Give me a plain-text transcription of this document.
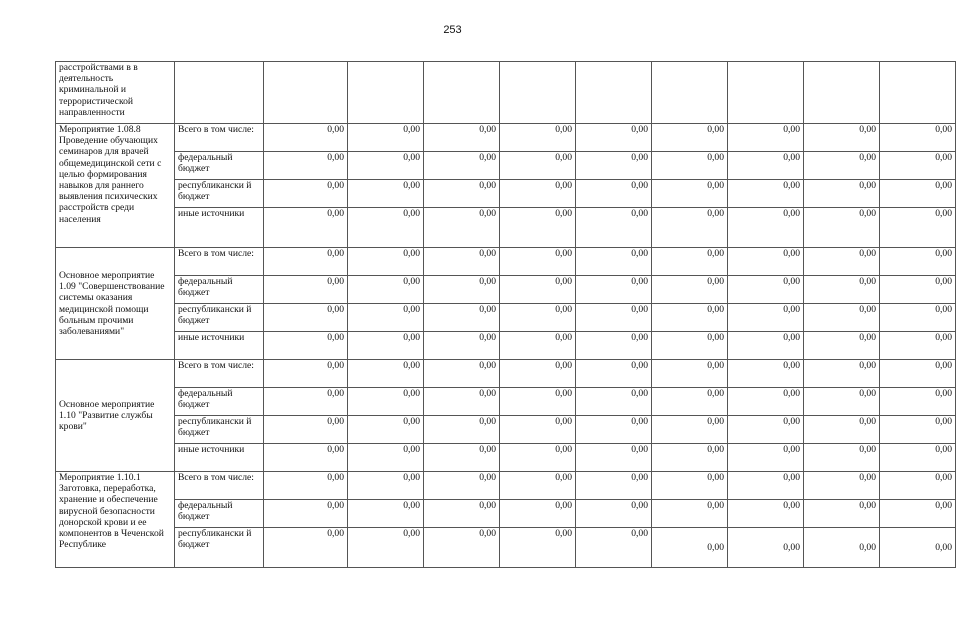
253
расстройствами в в деятельность криминальной и террористической направленности										
Мероприятие 1.08.8 Проведение обучающих семинаров для врачей общемедицинской сети с целью формирования навыков для раннего выявления психических расстройств среди населения	Всего в том числе:	0,00	0,00	0,00	0,00	0,00	0,00	0,00	0,00	0,00
	федеральный бюджет	0,00	0,00	0,00	0,00	0,00	0,00	0,00	0,00	0,00
	республикански й бюджет	0,00	0,00	0,00	0,00	0,00	0,00	0,00	0,00	0,00
	иные источники	0,00	0,00	0,00	0,00	0,00	0,00	0,00	0,00	0,00
Основное мероприятие 1.09 "Совершенствование системы оказания медицинской помощи больным прочими заболеваниями"	Всего в том числе:	0,00	0,00	0,00	0,00	0,00	0,00	0,00	0,00	0,00
	федеральный бюджет	0,00	0,00	0,00	0,00	0,00	0,00	0,00	0,00	0,00
	республикански й бюджет	0,00	0,00	0,00	0,00	0,00	0,00	0,00	0,00	0,00
	иные источники	0,00	0,00	0,00	0,00	0,00	0,00	0,00	0,00	0,00
Основное мероприятие 1.10 "Развитие службы крови"	Всего в том числе:	0,00	0,00	0,00	0,00	0,00	0,00	0,00	0,00	0,00
	федеральный бюджет	0,00	0,00	0,00	0,00	0,00	0,00	0,00	0,00	0,00
	республикански й бюджет	0,00	0,00	0,00	0,00	0,00	0,00	0,00	0,00	0,00
	иные источники	0,00	0,00	0,00	0,00	0,00	0,00	0,00	0,00	0,00
Мероприятие 1.10.1 Заготовка, переработка, хранение и обеспечение вирусной безопасности донорской крови и ее компонентов в Чеченской Республике	Всего в том числе:	0,00	0,00	0,00	0,00	0,00	0,00	0,00	0,00	0,00
	федеральный бюджет	0,00	0,00	0,00	0,00	0,00	0,00	0,00	0,00	0,00
	республикански й бюджет	0,00	0,00	0,00	0,00	0,00	0,00	0,00	0,00	0,00
